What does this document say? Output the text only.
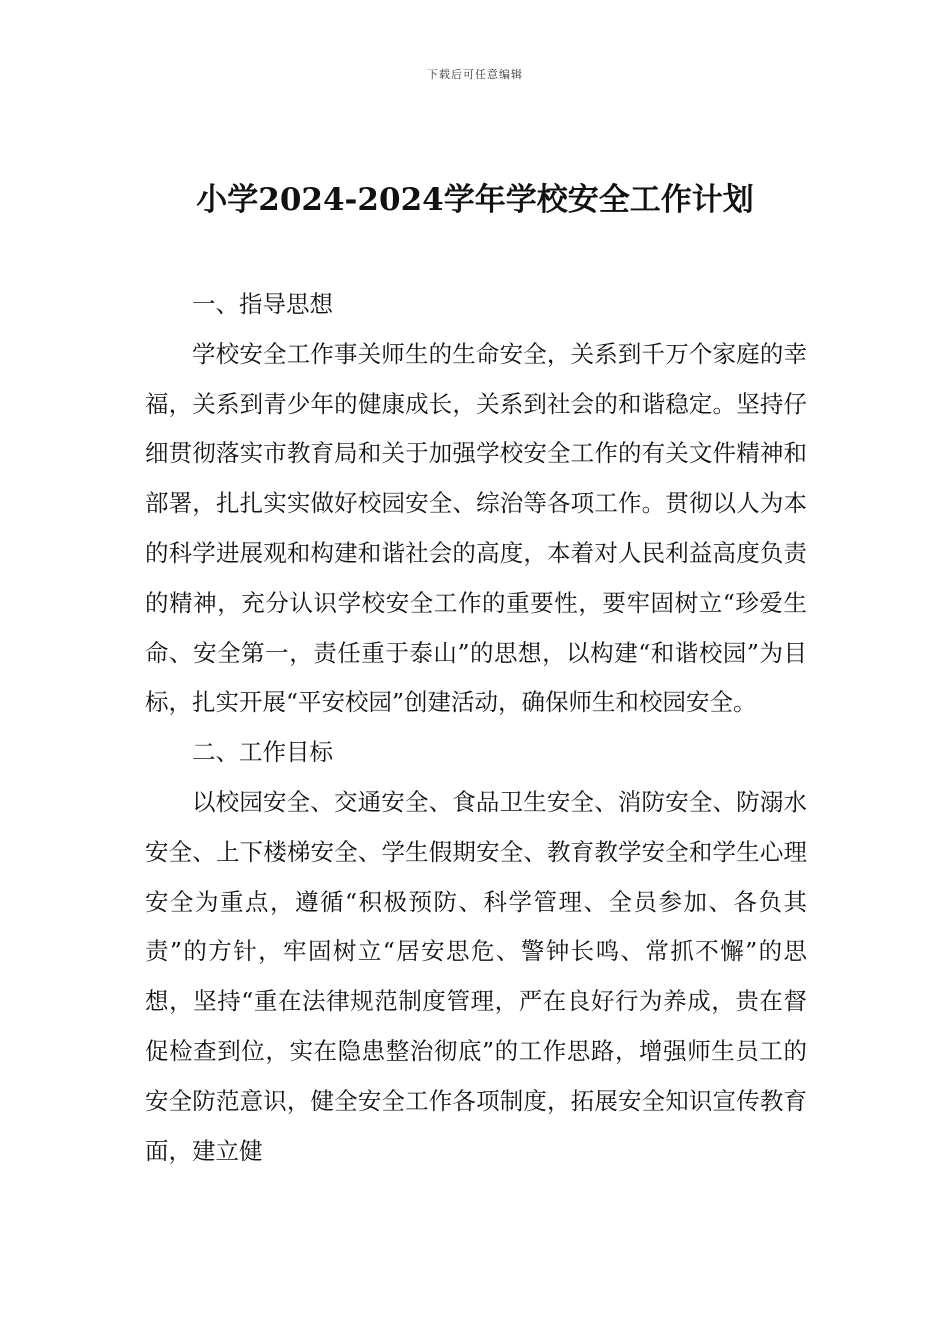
下载后可任意编辑
小学2024-2024学年学校安全工作计划

一、指导思想

学校安全工作事关师生的生命安全，关系到千万个家庭的幸福，关系到青少年的健康成长，关系到社会的和谐稳定。坚持仔细贯彻落实市教育局和关于加强学校安全工作的有关文件精神和部署，扎扎实实做好校园安全、综治等各项工作。贯彻以人为本的科学进展观和构建和谐社会的高度，本着对人民利益高度负责的精神，充分认识学校安全工作的重要性，要牢固树立“珍爱生命、安全第一，责任重于泰山”的思想，以构建“和谐校园”为目标，扎实开展“平安校园”创建活动，确保师生和校园安全。

二、工作目标

以校园安全、交通安全、食品卫生安全、消防安全、防溺水安全、上下楼梯安全、学生假期安全、教育教学安全和学生心理安全为重点，遵循“积极预防、科学管理、全员参加、各负其责”的方针，牢固树立“居安思危、警钟长鸣、常抓不懈”的思想，坚持“重在法律规范制度管理，严在良好行为养成，贵在督促检查到位，实在隐患整治彻底”的工作思路，增强师生员工的安全防范意识，健全安全工作各项制度，拓展安全知识宣传教育面，建立健
